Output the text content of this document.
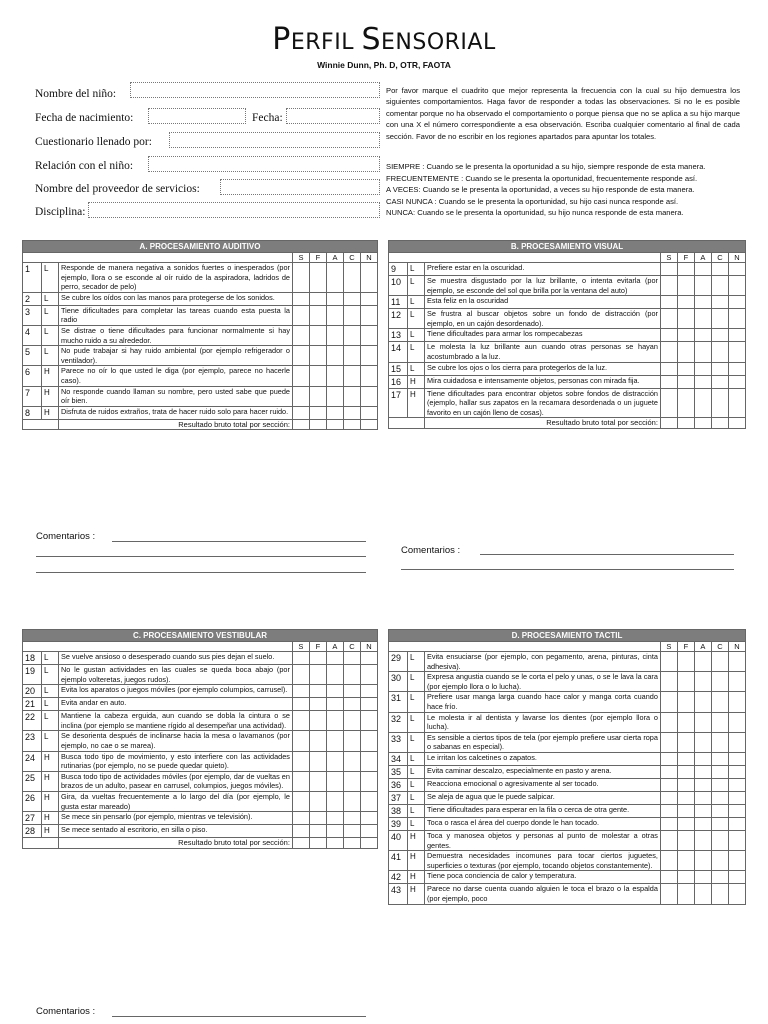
PERFIL SENSORIAL
Winnie Dunn, Ph. D, OTR, FAOTA
Nombre del niño:
Fecha de nacimiento:	Fecha:
Cuestionario llenado por:
Relación con el niño:
Nombre del proveedor de servicios:
Disciplina:
Por favor marque el cuadrito que mejor representa la frecuencia con la cual su hijo demuestra los siguientes comportamientos. Haga favor de responder a todas las observaciones. Si no le es posible comentar porque no ha observado el comportamiento o porque piensa que no se aplica a su hijo marque con una X el número correspondiente a esa observación. Escriba cualquier comentario al final de cada sección. Favor de no escribir en los regiones apartados para apuntar los totales.
SIEMPRE : Cuando se le presenta la oportunidad a su hijo, siempre responde de esta manera.
FRECUENTEMENTE : Cuando se le presenta la oportunidad, frecuentemente responde así.
A VECES: Cuando se le presenta la oportunidad, a veces su hijo responde de esta manera.
CASI NUNCA : Cuando se le presenta la oportunidad, su hijo casi nunca responde así.
NUNCA: Cuando se le presenta la oportunidad, su hijo nunca responde de esta manera.
A. PROCESAMIENTO AUDITIVO							
			S	F	A	C	N
1	L	Responde de manera negativa a sonidos fuertes o inesperados (por ejemplo, llora o se esconde al oír ruido de la aspiradora, ladridos de perro, secador de pelo)					
2	L	Se cubre los oídos con las manos para protegerse de los sonidos.					
3	L	Tiene dificultades para completar las tareas cuando esta puesta la radio					
4	L	Se distrae o tiene dificultades para funcionar normalmente si hay mucho ruido a su alrededor.					
5	L	No pude trabajar si hay ruido ambiental (por ejemplo refrigerador o ventilador).					
6	H	Parece no oír lo que usted le diga (por ejemplo, parece no hacerle caso).					
7	H	No responde cuando llaman su nombre, pero usted sabe que puede oír bien.					
8	H	Disfruta de ruidos extraños, trata de hacer ruido solo para hacer ruido.					
		Resultado bruto total por sección:					
B. PROCESAMIENTO VISUAL							
			S	F	A	C	N
9	L	Prefiere estar en la oscuridad.					
10	L	Se muestra disgustado por la luz brillante, o intenta evitarla (por ejemplo, se esconde del sol que brilla por la ventana del auto)					
11	L	Esta feliz en la oscuridad					
12	L	Se frustra al buscar objetos sobre un fondo de distracción (por ejemplo, en un cajón desordenado).					
13	L	Tiene dificultades para armar los rompecabezas					
14	L	Le molesta la luz brillante aun cuando otras personas se hayan acostumbrado a la luz.					
15	L	Se cubre los ojos o los cierra para protegerlos de la luz.					
16	H	Mira cuidadosa e intensamente objetos, personas con mirada fija.					
17	H	Tiene dificultades para encontrar objetos sobre fondos de distracción (ejemplo, hallar sus zapatos en la recamara desordenada o un juguete favorito en un cajón lleno de cosas).					
		Resultado bruto total por sección:					
C. PROCESAMIENTO VESTIBULAR							
			S	F	A	C	N
18	L	Se vuelve ansioso o desesperado cuando sus pies dejan el suelo.					
19	L	No le gustan actividades en las cuales se queda boca abajo (por ejemplo volteretas, juegos rudos).					
20	L	Evita los aparatos o juegos móviles (por ejemplo columpios, carrusel).					
21	L	Evita andar en auto.					
22	L	Mantiene la cabeza erguida, aun cuando se dobla la cintura o se inclina (por ejemplo se mantiene rígido al desempeñar una actividad).					
23	L	Se desorienta después de inclinarse hacia la mesa o lavamanos (por ejemplo, no cae o se marea).					
24	H	Busca todo tipo de movimiento, y esto interfiere con las actividades rutinarias (por ejemplo, no se puede quedar quieto).					
25	H	Busca todo tipo de actividades móviles (por ejemplo, dar de vueltas en brazos de un adulto, pasear en carrusel, columpios, juegos móviles).					
26	H	Gira, da vueltas frecuentemente a lo largo del día (por ejemplo, le gusta estar mareado)					
27	H	Se mece sin pensarlo (por ejemplo, mientras ve televisión).					
28	H	Se mece sentado al escritorio, en silla o piso.					
		Resultado bruto total por sección:					
D. PROCESAMIENTO TACTIL							
			S	F	A	C	N
29	L	Evita ensuciarse (por ejemplo, con pegamento, arena, pinturas, cinta adhesiva).					
30	L	Expresa angustia cuando se le corta el pelo y unas, o se le lava la cara (por ejemplo llora o lo lucha).					
31	L	Prefiere usar manga larga cuando hace calor y manga corta cuando hace frío.					
32	L	Le molesta ir al dentista y lavarse los dientes (por ejemplo llora o lucha).					
33	L	Es sensible a ciertos tipos de tela (por ejemplo prefiere usar cierta ropa o sabanas en especial).					
34	L	Le irritan los calcetines o zapatos.					
35	L	Evita caminar descalzo, especialmente en pasto y arena.					
36	L	Reacciona emocional o agresivamente al ser tocado.					
37	L	Se aleja de agua que le puede salpicar.					
38	L	Tiene dificultades para esperar en la fila o cerca de otra gente.					
39	L	Toca o rasca el área del cuerpo donde le han tocado.					
40	H	Toca y manosea objetos y personas al punto de molestar a otras gentes.					
41	H	Demuestra necesidades incomunes para tocar ciertos juguetes, superficies o texturas (por ejemplo, tocando objetos constantemente).					
42	H	Tiene poca conciencia de calor y temperatura.					
43	H	Parece no darse cuenta cuando alguien le toca el brazo o la espalda (por ejemplo, poco					
Comentarios :
Comentarios :
Comentarios :
